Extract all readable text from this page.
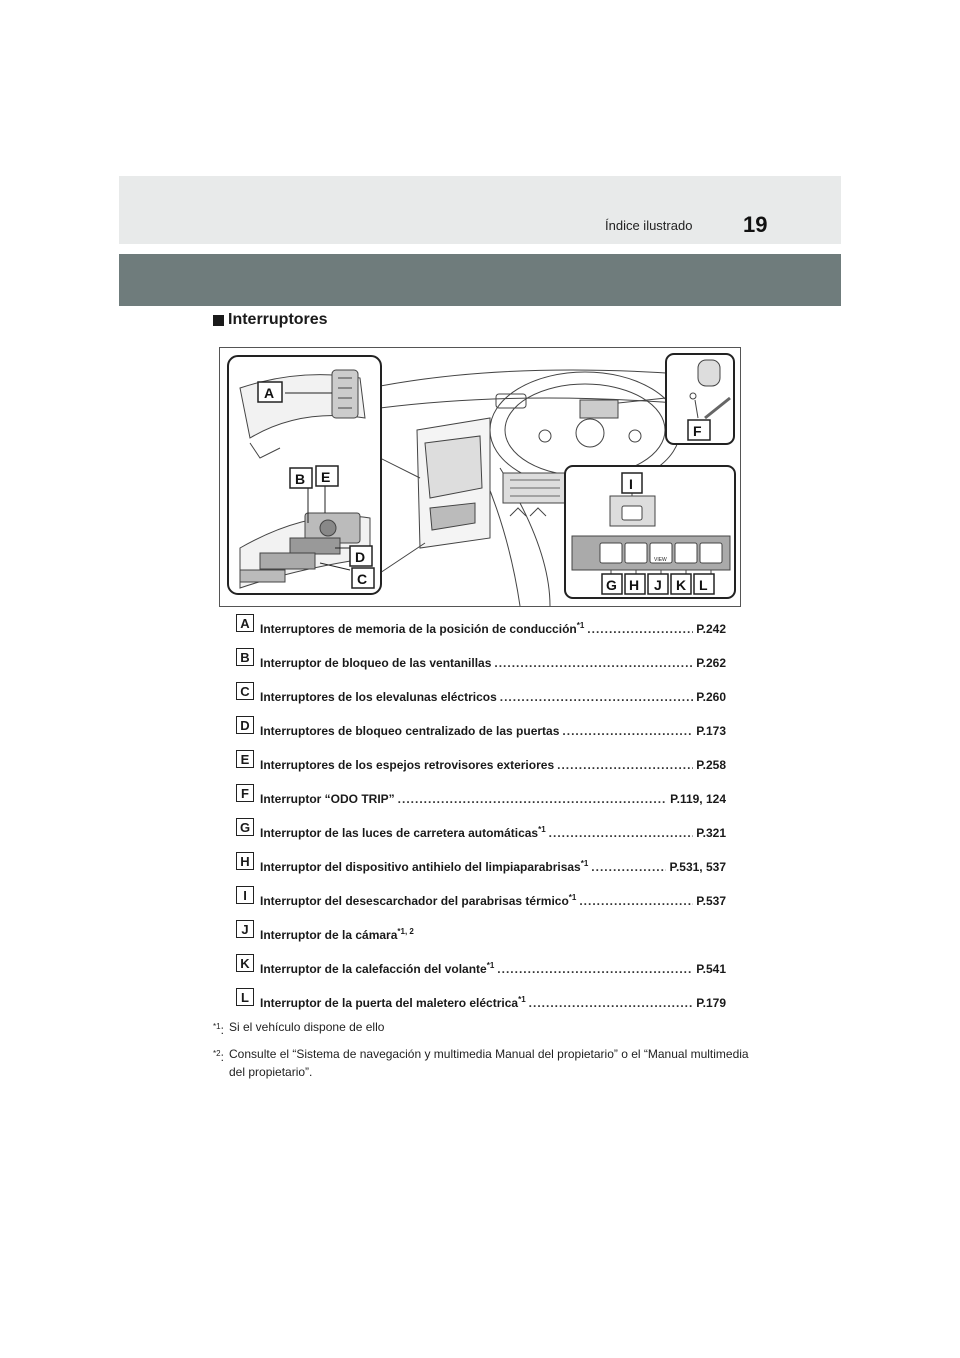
Índice ilustrado 19
Interruptores
VIEW
A
B E
D
C
F
I
G H J K L
A Interruptores de memoria de la posición de conducción$^{*1}$ .....	P.242
B Interruptor de bloqueo de las ventanillas .....	P.262
C Interruptores de los elevalunas eléctricos .....	P.260
D Interruptores de bloqueo centralizado de las puertas .....	P.173
E Interruptores de los espejos retrovisores exteriores .....	P.258
F Interruptor “ODO TRIP” .....	P.119, 124
G Interruptor de las luces de carretera automáticas$^{*1}$ .....	P.321
H Interruptor del dispositivo antihielo del limpiaparabrisas$^{*1}$ .....	P.531, 537
I	Interruptor del desescarchador del parabrisas térmico$^{*1}$ .....	P.537
J Interruptor de la cámara$^{*1, 2}$
K Interruptor de la calefacción del volante$^{*1}$ .....	P.541
L Interruptor de la puerta del maletero eléctrica$^{*1}$ .....	P.179
$^{*1}$: Si el vehículo dispone de ello
$^{*2}$: Consulte el “Sistema de navegación y multimedia Manual del propietario” o el “Manual multimedia del propietario”.
